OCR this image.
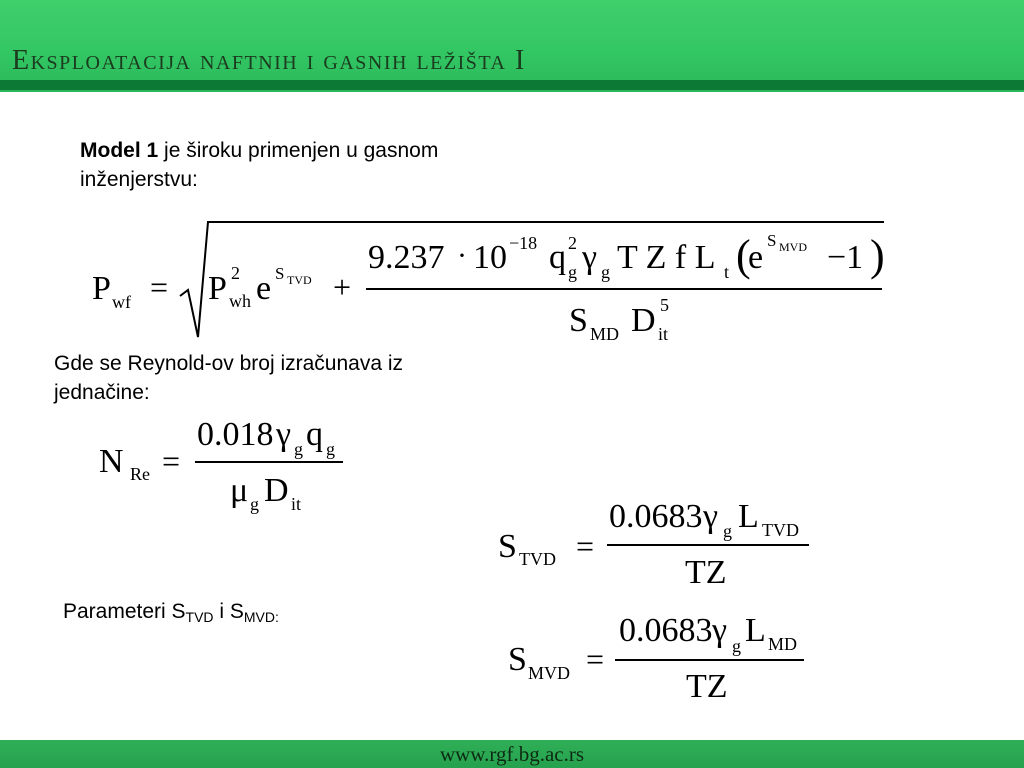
Eksploatacija naftnih i gasnih ležišta I
Model 1 je široku primenjen u gasnom inženjerstvu:
Gde se Reynold-ov broj izračunava iz jednačine:
Parameteri $S_{TVD}$ i $S_{MVD:}$
P wf = P 2
wh e S TVD +
9.237 · 10 −18 q 2
g γ g T Z f L t (
e S MVD −1 )
S MD D 5
it
N Re =
0.018 γ g q g
μ g D it
S TVD =
0.0683 γ g L TVD
TZ
S MVD =
0.0683 γ g L MD
TZ
www.rgf.bg.ac.rs
